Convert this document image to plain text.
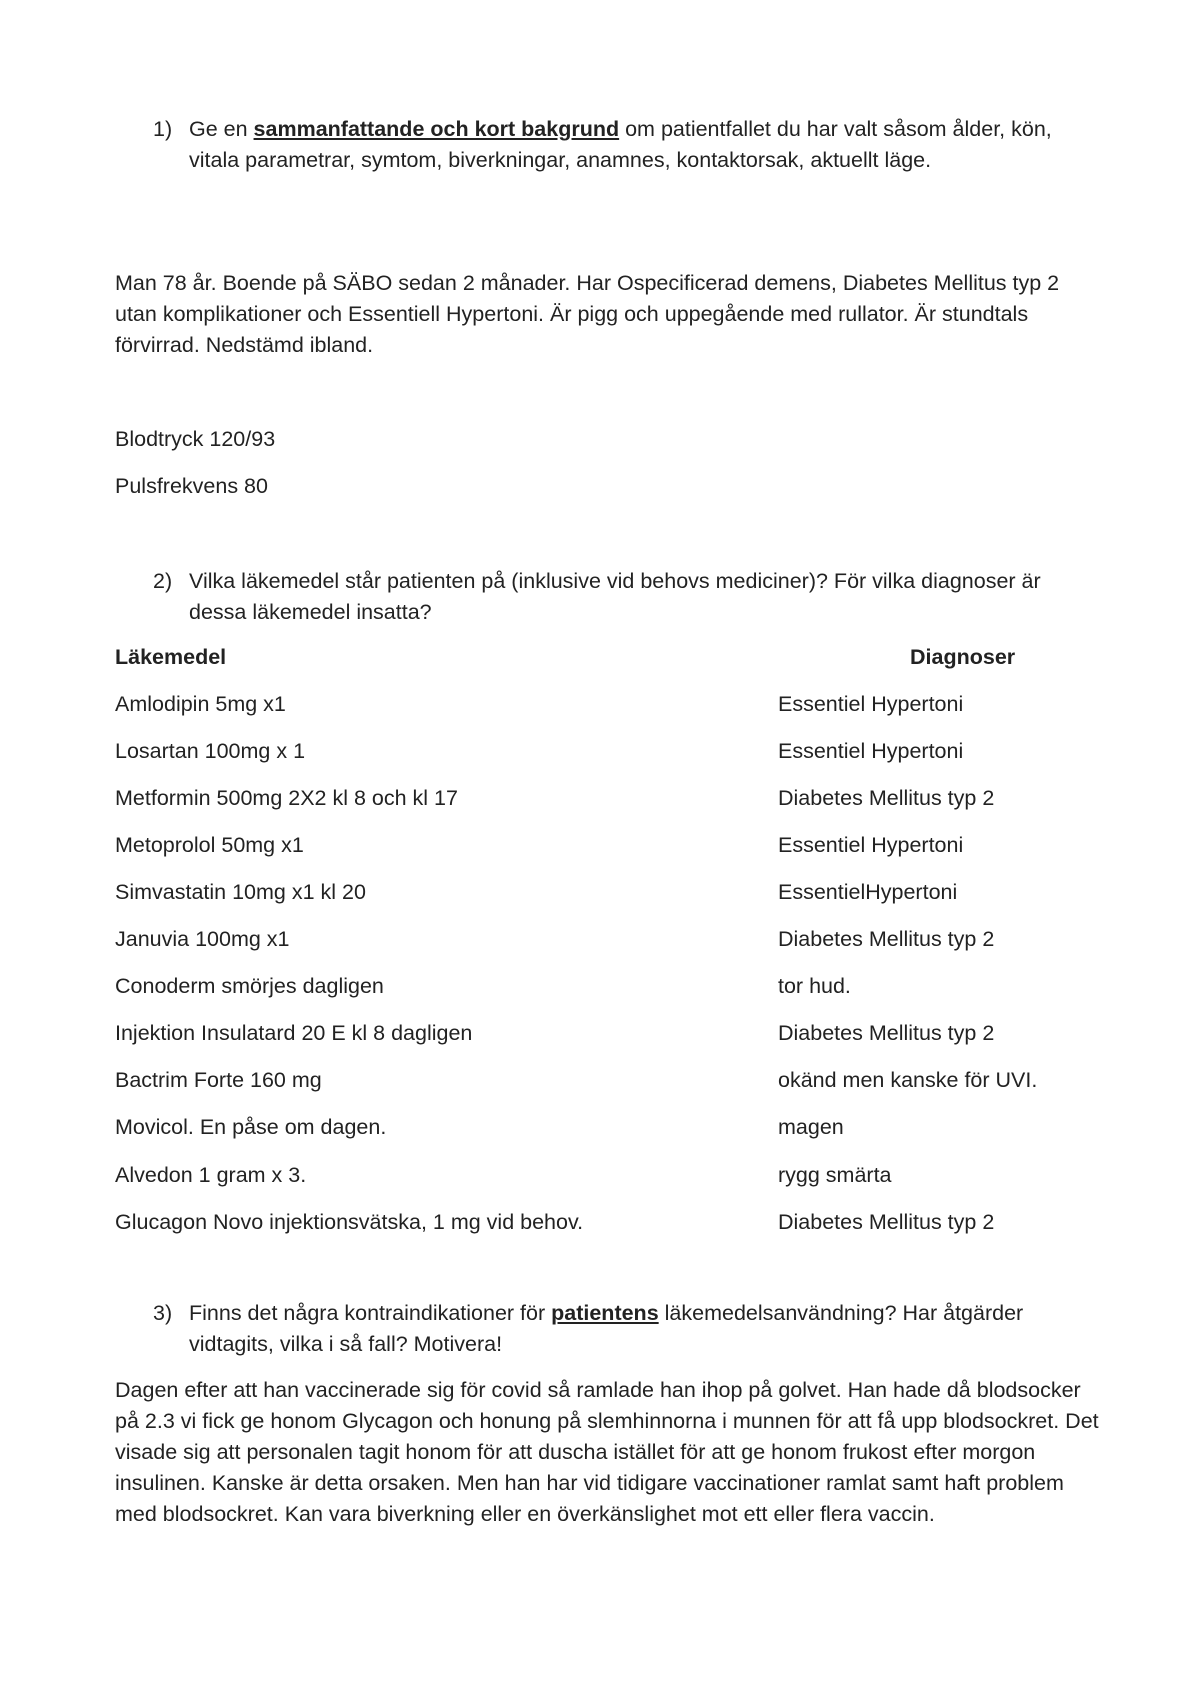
1) Ge en sammanfattande och kort bakgrund om patientfallet du har valt såsom ålder, kön, vitala parametrar, symtom, biverkningar, anamnes, kontaktorsak, aktuellt läge.
Man 78 år. Boende på SÄBO sedan 2 månader. Har Ospecificerad demens, Diabetes Mellitus typ 2 utan komplikationer och Essentiell Hypertoni. Är pigg och uppegående med rullator. Är stundtals förvirrad. Nedstämd ibland.
Blodtryck 120/93
Pulsfrekvens 80
2) Vilka läkemedel står patienten på (inklusive vid behovs mediciner)? För vilka diagnoser är dessa läkemedel insatta?
Läkemedel	Diagnoser
Amlodipin 5mg x1	Essentiel Hypertoni
Losartan 100mg x 1	Essentiel Hypertoni
Metformin 500mg 2X2 kl 8 och kl 17	Diabetes Mellitus typ 2
Metoprolol 50mg x1	Essentiel Hypertoni
Simvastatin 10mg x1 kl 20	EssentielHypertoni
Januvia 100mg x1	Diabetes Mellitus typ 2
Conoderm smörjes dagligen	tor hud.
Injektion Insulatard 20 E kl 8 dagligen	Diabetes Mellitus typ 2
Bactrim Forte 160 mg	okänd men kanske för UVI.
Movicol. En påse om dagen.	magen
Alvedon 1 gram x 3.	rygg smärta
Glucagon Novo injektionsvätska, 1 mg vid behov.	Diabetes Mellitus typ 2
3) Finns det några kontraindikationer för patientens läkemedelsanvändning? Har åtgärder vidtagits, vilka i så fall? Motivera!
Dagen efter att han vaccinerade sig för covid så ramlade han ihop på golvet. Han hade då blodsocker på 2.3 vi fick ge honom Glycagon och honung på slemhinnorna i munnen för att få upp blodsockret. Det visade sig att personalen tagit honom för att duscha istället för att ge honom frukost efter morgon insulinen. Kanske är detta orsaken. Men han har vid tidigare vaccinationer ramlat samt haft problem med blodsockret. Kan vara biverkning eller en överkänslighet mot ett eller flera vaccin.
